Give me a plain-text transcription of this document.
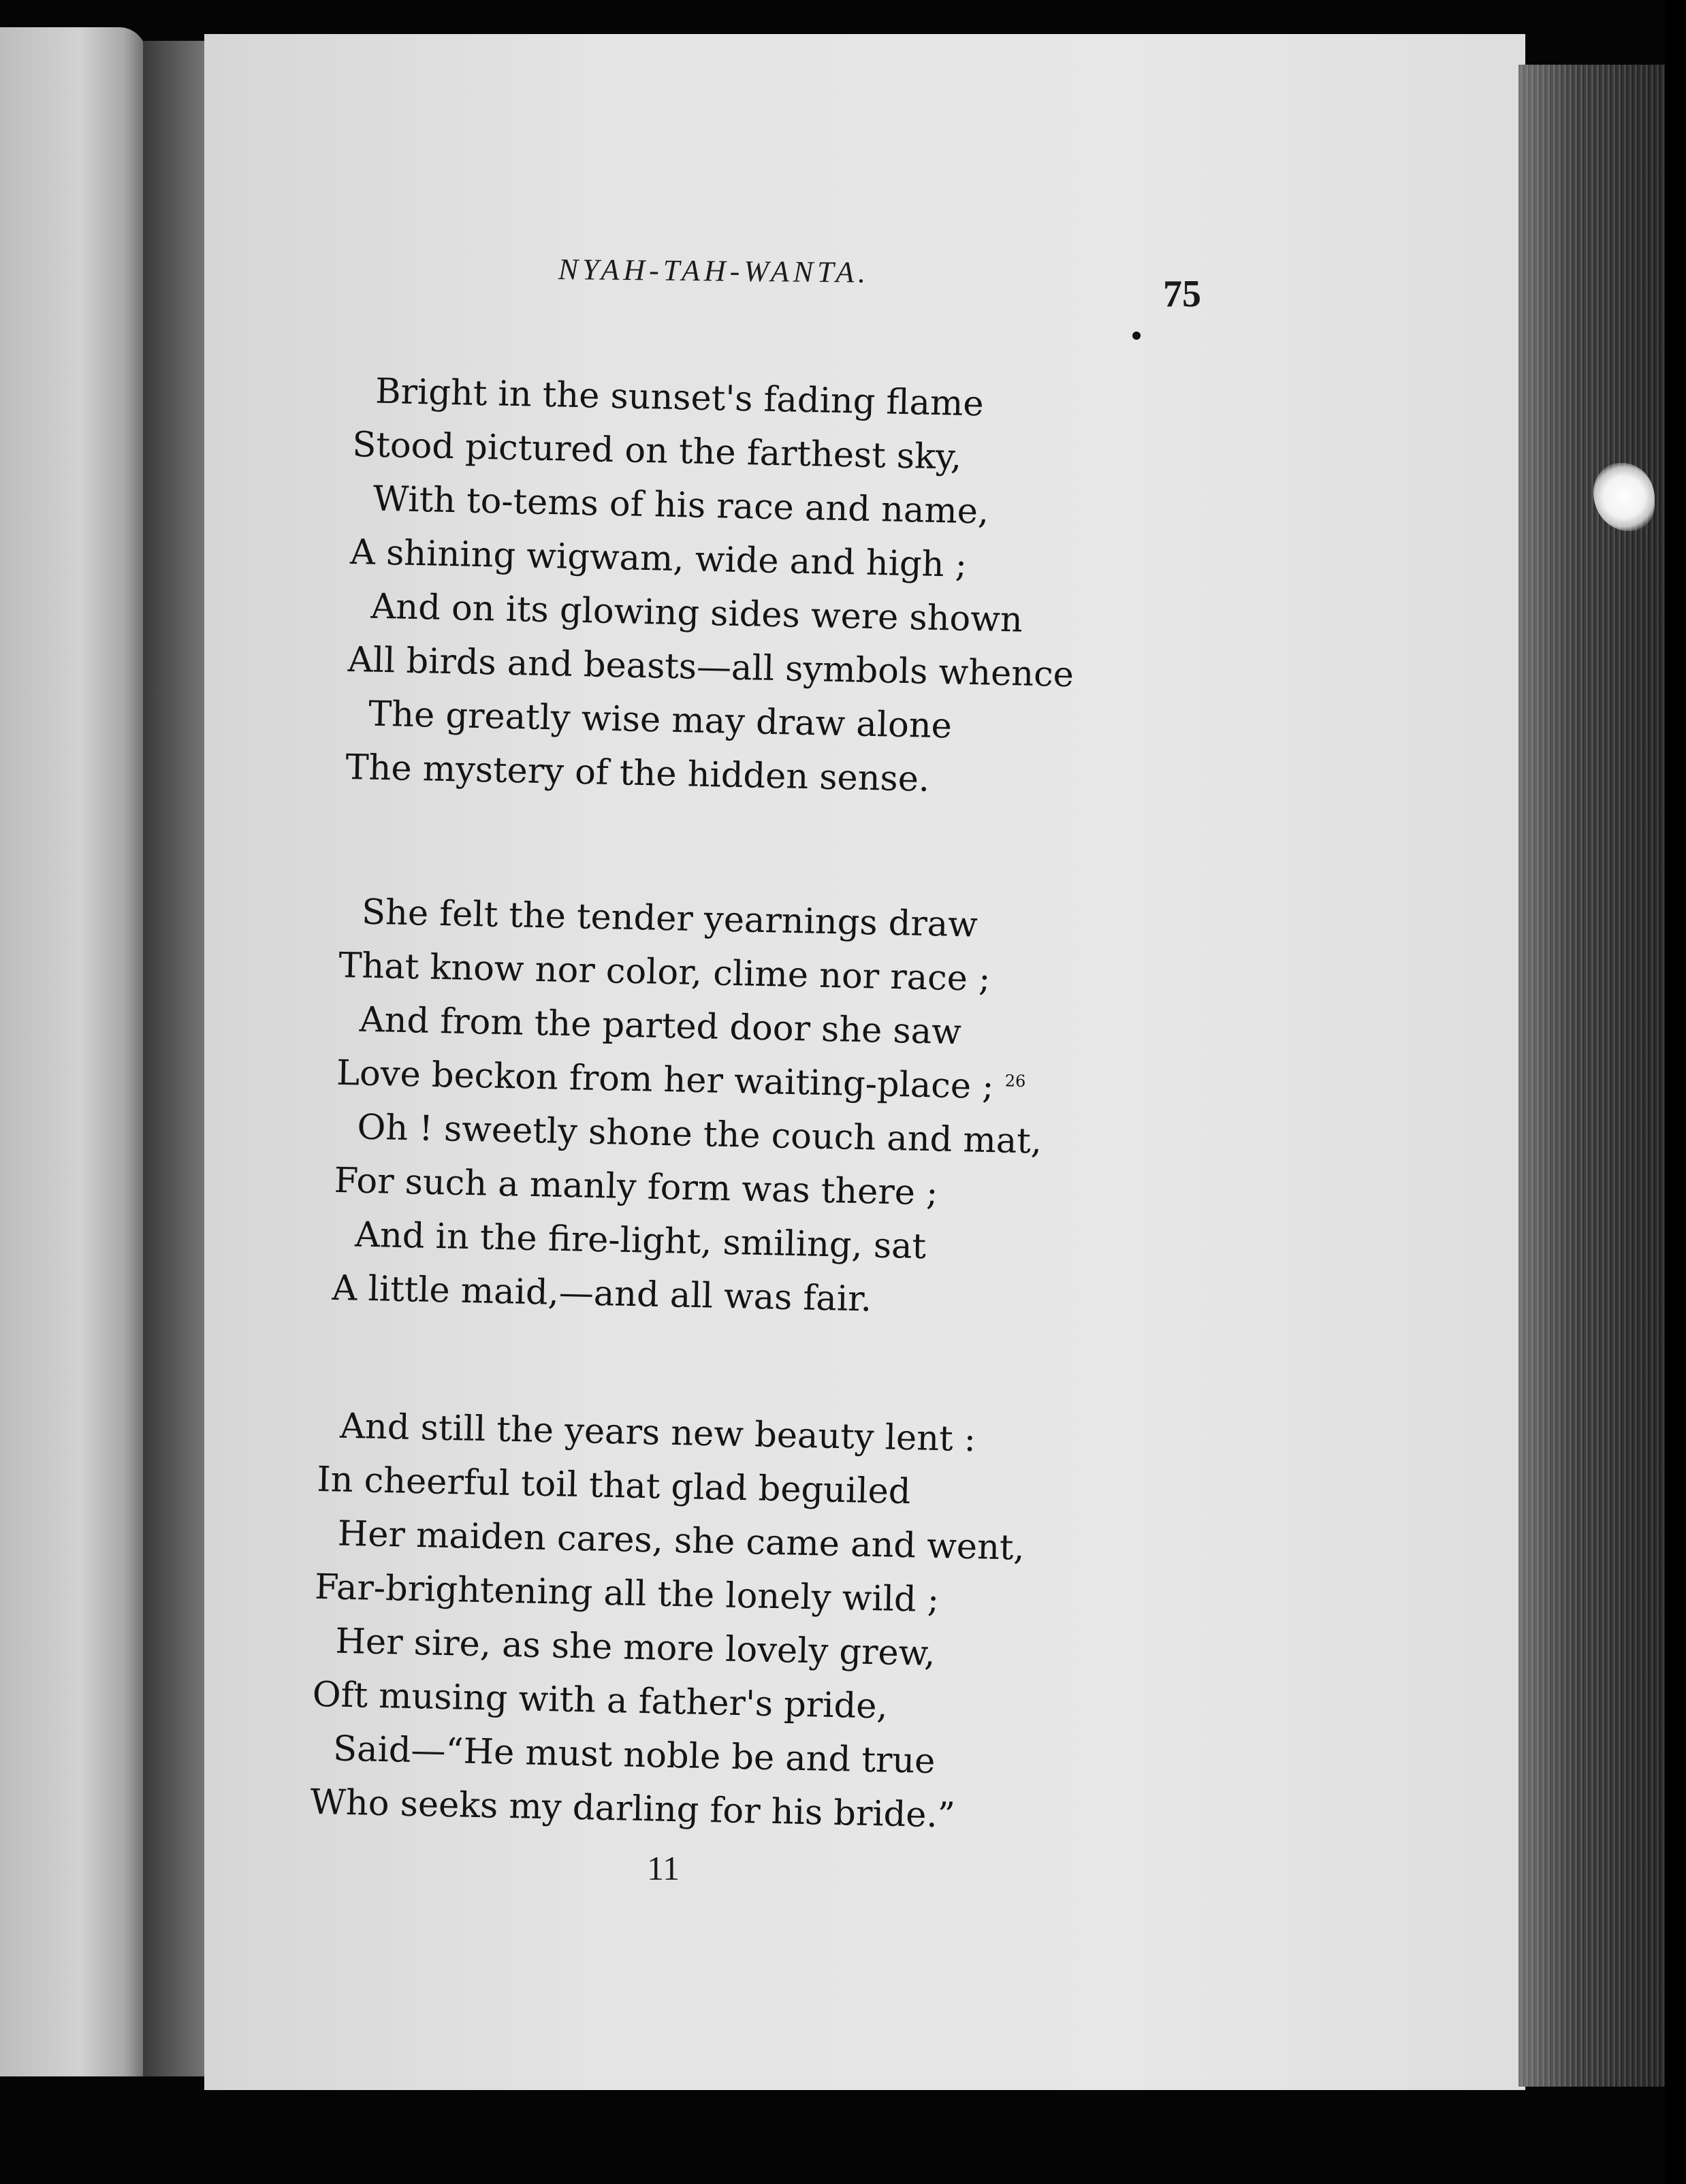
NYAH-TAH-WANTA.
75
Bright in the sunset's fading flame
Stood pictured on the farthest sky,
With to-tems of his race and name,
A shining wigwam, wide and high ;
And on its glowing sides were shown
All birds and beasts—all symbols whence
The greatly wise may draw alone
The mystery of the hidden sense.
She felt the tender yearnings draw
That know nor color, clime nor race ;
And from the parted door she saw
Love beckon from her waiting-place ; $^{26}$
Oh ! sweetly shone the couch and mat,
For such a manly form was there ;
And in the fire-light, smiling, sat
A little maid,—and all was fair.
And still the years new beauty lent :
In cheerful toil that glad beguiled
Her maiden cares, she came and went,
Far-brightening all the lonely wild ;
Her sire, as she more lovely grew,
Oft musing with a father's pride,
Said—“He must noble be and true
Who seeks my darling for his bride.”
11
